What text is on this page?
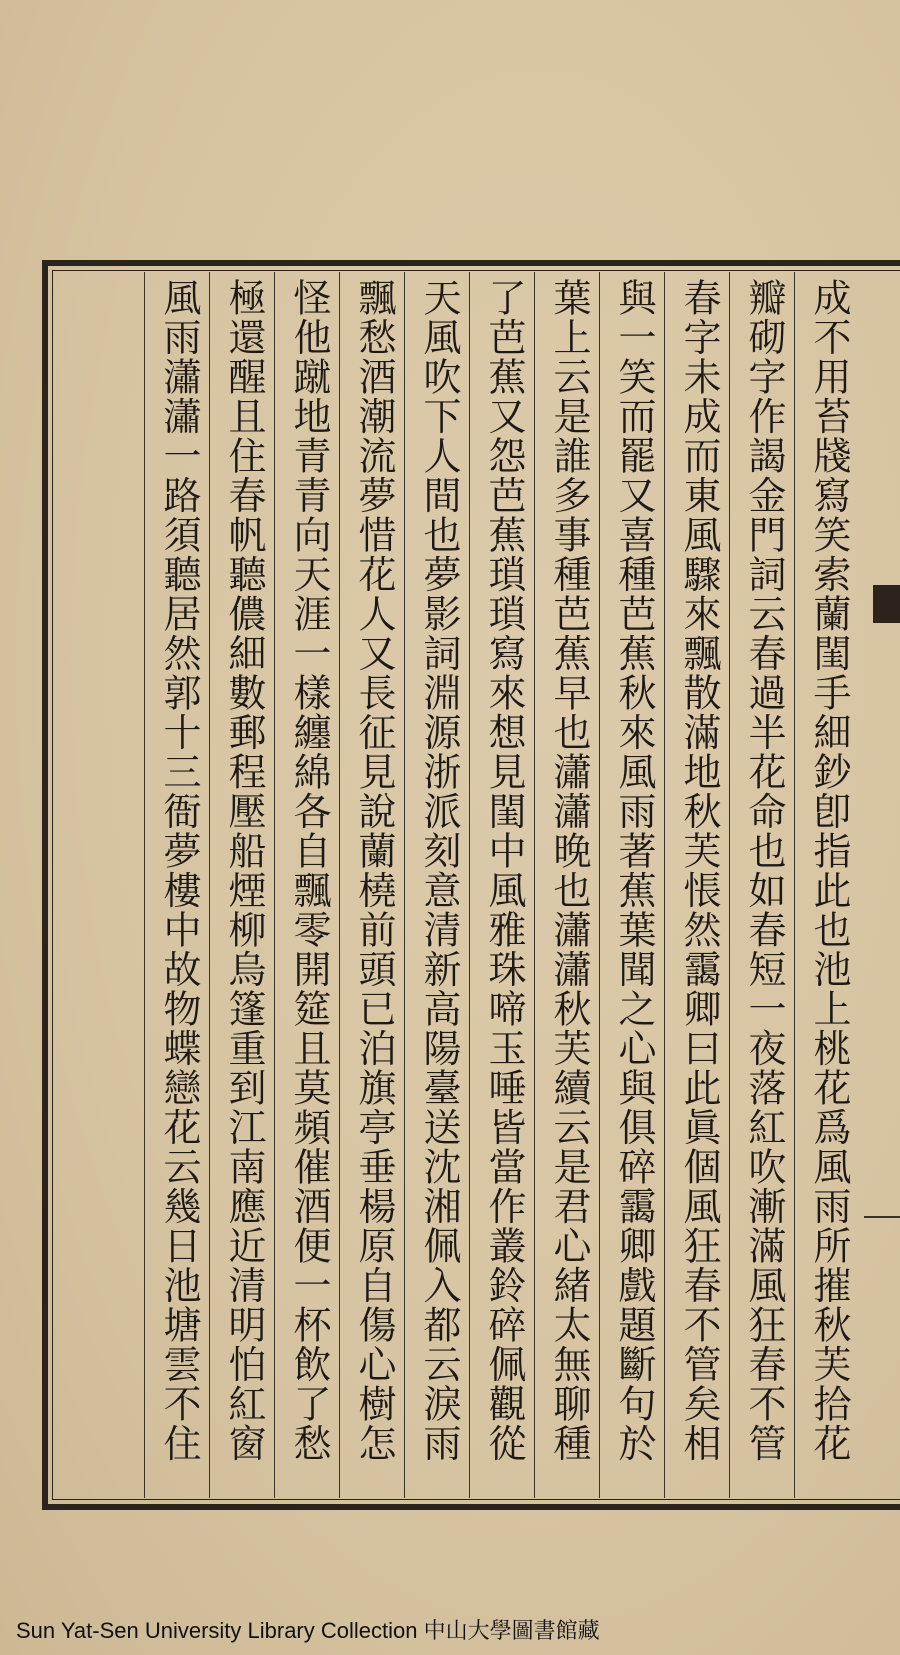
成不用苔牋寫笑索蘭閨手細鈔卽指此也池上桃花爲風雨所摧秋芙拾花
瓣砌字作謁金門詞云春過半花命也如春短一夜落紅吹漸滿風狂春不管
春字未成而東風驟來飄散滿地秋芙悵然靄卿曰此眞個風狂春不管矣相
與一笑而罷又喜種芭蕉秋來風雨著蕉葉聞之心與俱碎靄卿戲題斷句於
葉上云是誰多事種芭蕉早也瀟瀟晚也瀟瀟秋芙續云是君心緒太無聊種
了芭蕉又怨芭蕉瑣瑣寫來想見閨中風雅珠啼玉唾皆當作叢鈴碎佩觀從
天風吹下人間也夢影詞淵源浙派刻意清新高陽臺送沈湘佩入都云淚雨
飄愁酒潮流夢惜花人又長征見說蘭橈前頭已泊旗亭垂楊原自傷心樹怎
怪他蹴地青青向天涯一樣纏綿各自飄零開筵且莫頻催酒便一杯飲了愁
極還醒且住春帆聽儂細數郵程壓船煙柳烏篷重到江南應近清明怕紅窗
風雨瀟瀟一路須聽居然郭十三衙夢樓中故物蝶戀花云幾日池塘雲不住
Sun Yat-Sen University Library Collection 中山大學圖書館藏
